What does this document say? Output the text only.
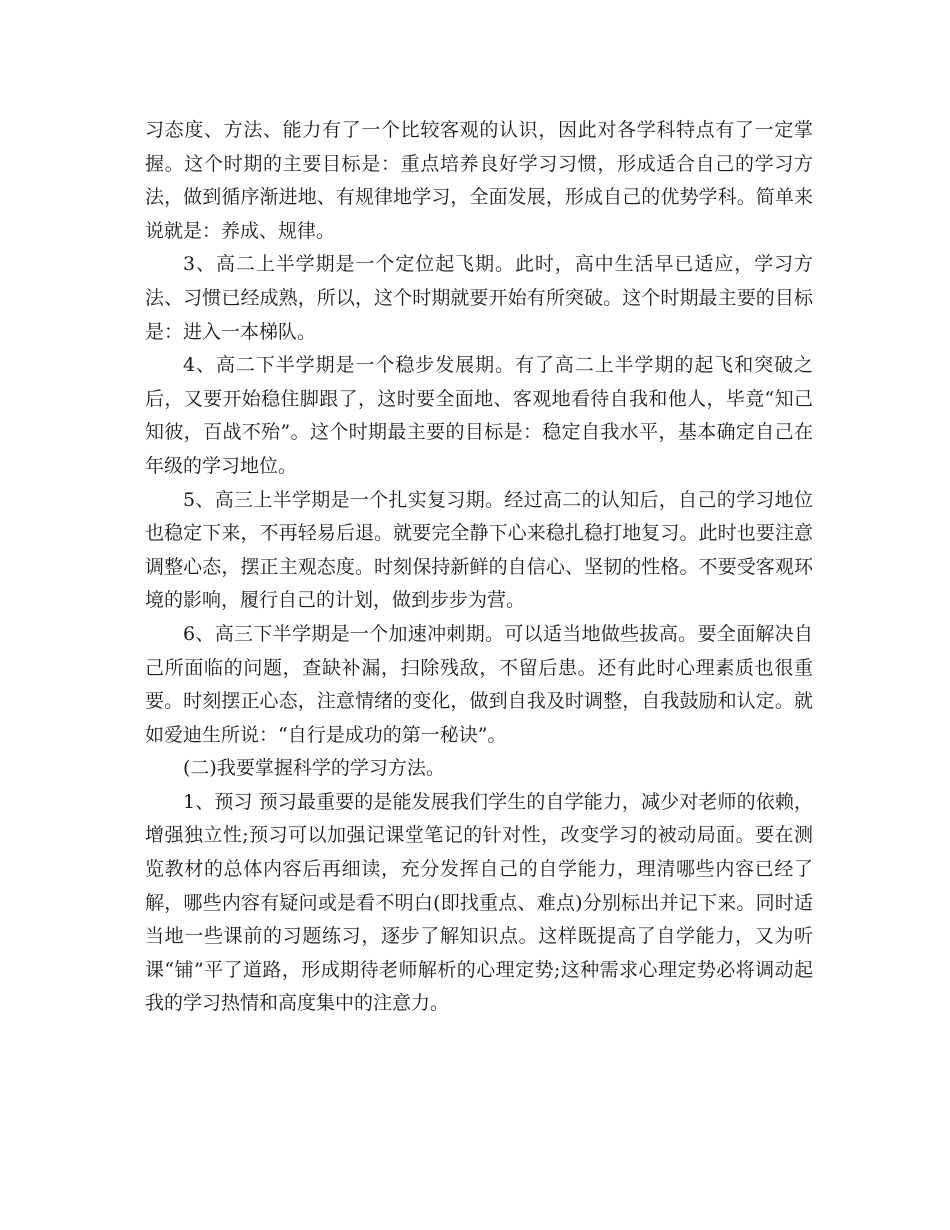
习态度、方法、能力有了一个比较客观的认识，因此对各学科特点有了一定掌握。这个时期的主要目标是：重点培养良好学习习惯，形成适合自己的学习方法，做到循序渐进地、有规律地学习，全面发展，形成自己的优势学科。简单来说就是：养成、规律。

3、高二上半学期是一个定位起飞期。此时，高中生活早已适应，学习方法、习惯已经成熟，所以，这个时期就要开始有所突破。这个时期最主要的目标是：进入一本梯队。

4、高二下半学期是一个稳步发展期。有了高二上半学期的起飞和突破之后，又要开始稳住脚跟了，这时要全面地、客观地看待自我和他人，毕竟“知己知彼，百战不殆”。这个时期最主要的目标是：稳定自我水平，基本确定自己在年级的学习地位。

5、高三上半学期是一个扎实复习期。经过高二的认知后，自己的学习地位也稳定下来，不再轻易后退。就要完全静下心来稳扎稳打地复习。此时也要注意调整心态，摆正主观态度。时刻保持新鲜的自信心、坚韧的性格。不要受客观环境的影响，履行自己的计划，做到步步为营。

6、高三下半学期是一个加速冲刺期。可以适当地做些拔高。要全面解决自己所面临的问题，查缺补漏，扫除残敌，不留后患。还有此时心理素质也很重要。时刻摆正心态，注意情绪的变化，做到自我及时调整，自我鼓励和认定。就如爱迪生所说：“自行是成功的第一秘诀”。

(二)我要掌握科学的学习方法。

1、预习 预习最重要的是能发展我们学生的自学能力，减少对老师的依赖，增强独立性;预习可以加强记课堂笔记的针对性，改变学习的被动局面。要在测览教材的总体内容后再细读，充分发挥自己的自学能力，理清哪些内容已经了解，哪些内容有疑问或是看不明白(即找重点、难点)分别标出并记下来。同时适当地一些课前的习题练习，逐步了解知识点。这样既提高了自学能力，又为听课“铺”平了道路，形成期待老师解析的心理定势;这种需求心理定势必将调动起我的学习热情和高度集中的注意力。
